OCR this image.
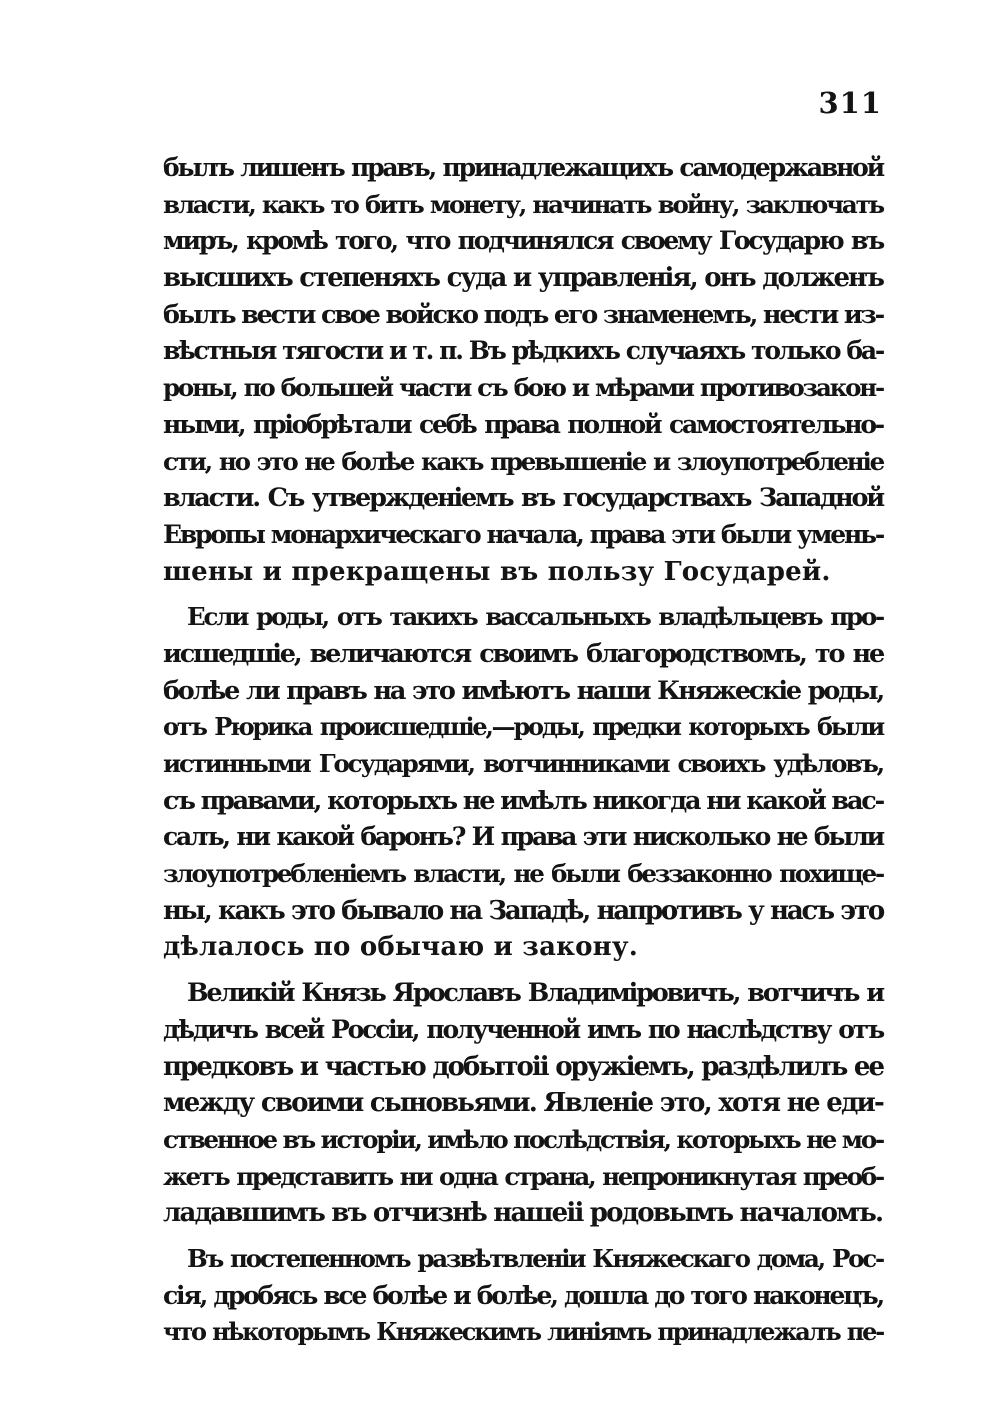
311
былъ лишенъ правъ, принадлежащихъ самодержавной
власти, какъ то бить монету, начинать войну, заключать
миръ, кромѣ того, что подчинялся своему Государю въ
высшихъ степеняхъ суда и управленія, онъ долженъ
былъ вести свое войско подъ его знаменемъ, нести из-
вѣстныя тягости и т. п. Въ рѣдкихъ случаяхъ только ба-
роны, по большей части съ бою и мѣрами противозакон-
ными, пріобрѣтали себѣ права полной самостоятельно-
сти, но это не болѣе какъ превышеніе и злоупотребленіе
власти. Съ утвержденіемъ въ государствахъ Западной
Европы монархическаго начала, права эти были умень-
шены и прекращены въ пользу Государей.
Если роды, отъ такихъ вассальныхъ владѣльцевъ про-
исшедшіе, величаются своимъ благородствомъ, то не
болѣе ли правъ на это имѣютъ наши Княжескіе роды,
отъ Рюрика происшедшіе,—роды, предки которыхъ были
истинными Государями, вотчинниками своихъ удѣловъ,
съ правами, которыхъ не имѣлъ никогда ни какой вас-
салъ, ни какой баронъ? И права эти нисколько не были
злоупотребленіемъ власти, не были беззаконно похищe-
ны, какъ это бывало на Западѣ, напротивъ у насъ это
дѣлалось по обычаю и закону.
Великій Князь Ярославъ Владиміровичъ, вотчичъ и
дѣдичъ всей Россіи, полученной имъ по наслѣдству отъ
предковъ и частью добытоіі оружіемъ, раздѣлилъ ее
между своими сыновьями. Явленіе это, хотя не еди-
ственное въ исторіи, имѣло послѣдствія, которыхъ не мо-
жетъ представить ни одна страна, непроникнутая преоб-
ладавшимъ въ отчизнѣ нашеіі родовымъ началомъ.
Въ постепенномъ развѣтвленіи Княжескаго дома, Рос-
сія, дробясь все болѣе и болѣе, дошла до того наконецъ,
что нѣкоторымъ Княжескимъ линіямъ принадлежалъ пе-
